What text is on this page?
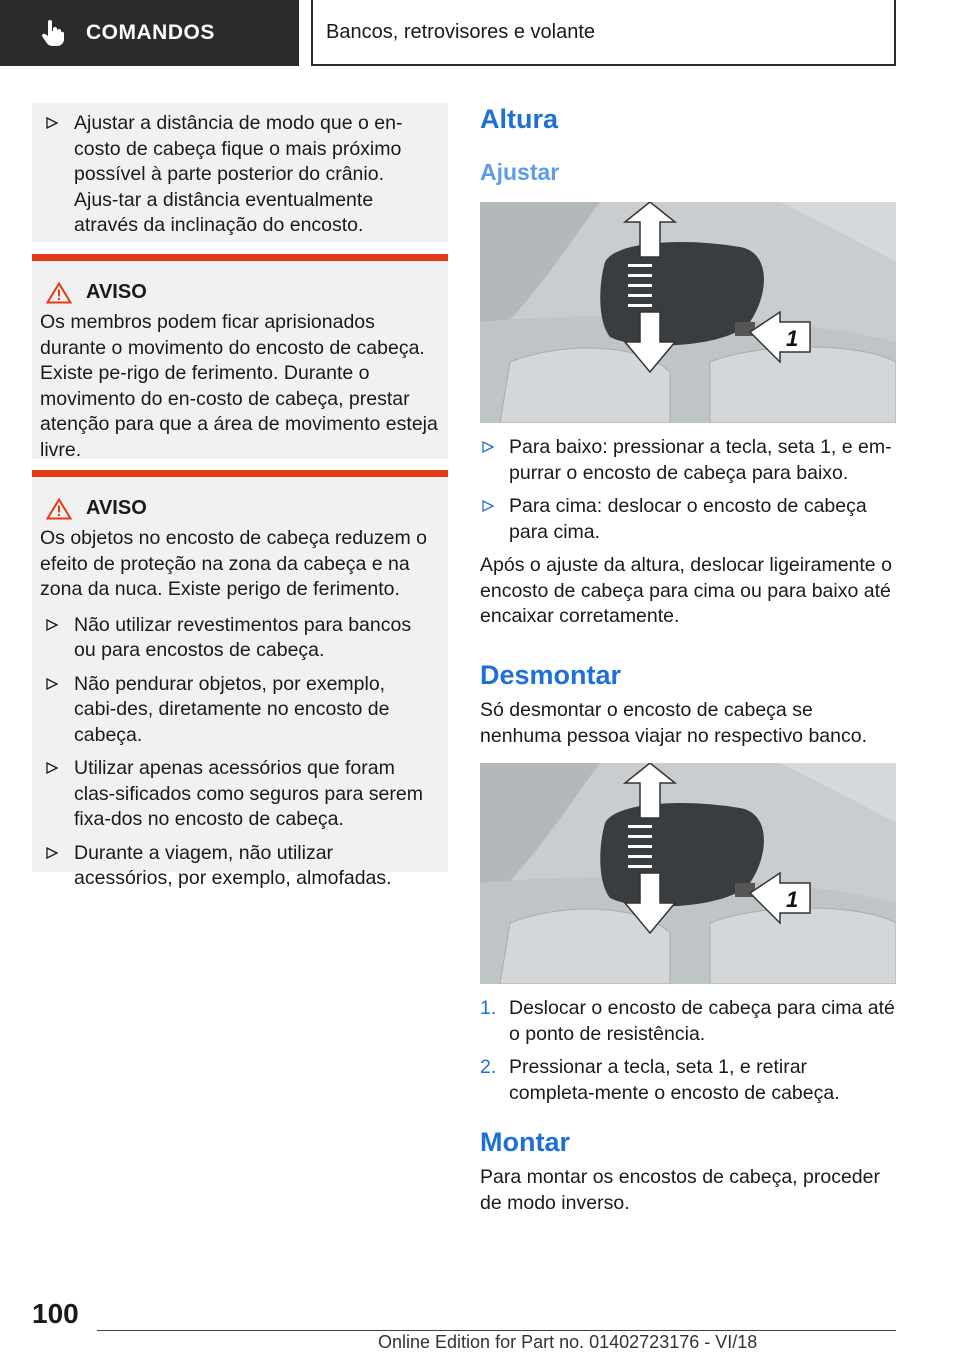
COMANDOS	Bancos, retrovisores e volante
Ajustar a distância de modo que o en-costo de cabeça fique o mais próximo possível à parte posterior do crânio. Ajus-tar a distância eventualmente através da inclinação do encosto.
AVISO
Os membros podem ficar aprisionados durante o movimento do encosto de cabeça. Existe pe-rigo de ferimento. Durante o movimento do en-costo de cabeça, prestar atenção para que a área de movimento esteja livre.
AVISO
Os objetos no encosto de cabeça reduzem o efeito de proteção na zona da cabeça e na zona da nuca. Existe perigo de ferimento.
Não utilizar revestimentos para bancos ou para encostos de cabeça.
Não pendurar objetos, por exemplo, cabi-des, diretamente no encosto de cabeça.
Utilizar apenas acessórios que foram clas-sificados como seguros para serem fixa-dos no encosto de cabeça.
Durante a viagem, não utilizar acessórios, por exemplo, almofadas.
Altura
Ajustar
1
Para baixo: pressionar a tecla, seta 1, e em-purrar o encosto de cabeça para baixo.
Para cima: deslocar o encosto de cabeça para cima.
Após o ajuste da altura, deslocar ligeiramente o encosto de cabeça para cima ou para baixo até encaixar corretamente.
Desmontar
Só desmontar o encosto de cabeça se nenhuma pessoa viajar no respectivo banco.
1
1. Deslocar o encosto de cabeça para cima até o ponto de resistência.
2. Pressionar a tecla, seta 1, e retirar completa-mente o encosto de cabeça.
Montar
Para montar os encostos de cabeça, proceder de modo inverso.
100
Online Edition for Part no. 01402723176 - VI/18
